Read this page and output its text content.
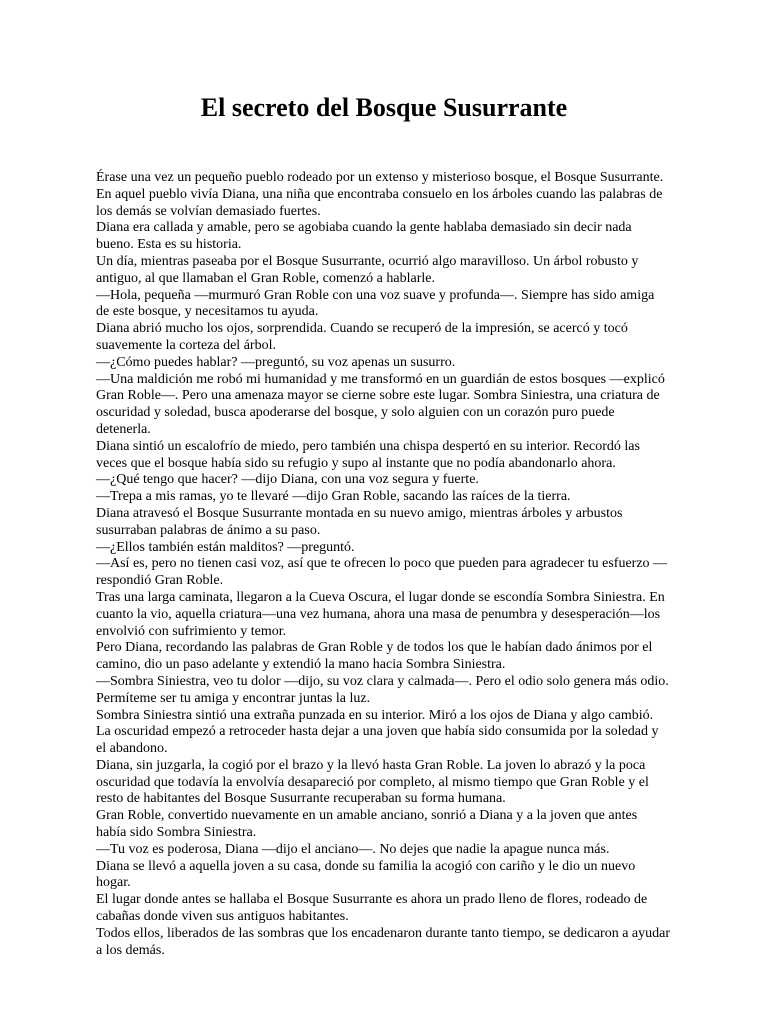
El secreto del Bosque Susurrante

Érase una vez un pequeño pueblo rodeado por un extenso y misterioso bosque, el Bosque Susurrante. En aquel pueblo vivía Diana, una niña que encontraba consuelo en los árboles cuando las palabras de los demás se volvían demasiado fuertes.

Diana era callada y amable, pero se agobiaba cuando la gente hablaba demasiado sin decir nada bueno. Esta es su historia.

Un día, mientras paseaba por el Bosque Susurrante, ocurrió algo maravilloso. Un árbol robusto y antiguo, al que llamaban el Gran Roble, comenzó a hablarle.

—Hola, pequeña —murmuró Gran Roble con una voz suave y profunda—. Siempre has sido amiga de este bosque, y necesitamos tu ayuda.

Diana abrió mucho los ojos, sorprendida. Cuando se recuperó de la impresión, se acercó y tocó suavemente la corteza del árbol.

—¿Cómo puedes hablar? —preguntó, su voz apenas un susurro.

—Una maldición me robó mi humanidad y me transformó en un guardián de estos bosques —explicó Gran Roble—. Pero una amenaza mayor se cierne sobre este lugar. Sombra Siniestra, una criatura de oscuridad y soledad, busca apoderarse del bosque, y solo alguien con un corazón puro puede detenerla.

Diana sintió un escalofrío de miedo, pero también una chispa despertó en su interior. Recordó las veces que el bosque había sido su refugio y supo al instante que no podía abandonarlo ahora.

—¿Qué tengo que hacer? —dijo Diana, con una voz segura y fuerte.

—Trepa a mis ramas, yo te llevaré —dijo Gran Roble, sacando las raíces de la tierra.

Diana atravesó el Bosque Susurrante montada en su nuevo amigo, mientras árboles y arbustos susurraban palabras de ánimo a su paso.

—¿Ellos también están malditos? —preguntó.

—Así es, pero no tienen casi voz, así que te ofrecen lo poco que pueden para agradecer tu esfuerzo —respondió Gran Roble.

Tras una larga caminata, llegaron a la Cueva Oscura, el lugar donde se escondía Sombra Siniestra. En cuanto la vio, aquella criatura—una vez humana, ahora una masa de penumbra y desesperación—los envolvió con sufrimiento y temor.

Pero Diana, recordando las palabras de Gran Roble y de todos los que le habían dado ánimos por el camino, dio un paso adelante y extendió la mano hacia Sombra Siniestra.

—Sombra Siniestra, veo tu dolor —dijo, su voz clara y calmada—. Pero el odio solo genera más odio. Permíteme ser tu amiga y encontrar juntas la luz.

Sombra Siniestra sintió una extraña punzada en su interior. Miró a los ojos de Diana y algo cambió. La oscuridad empezó a retroceder hasta dejar a una joven que había sido consumida por la soledad y el abandono.

Diana, sin juzgarla, la cogió por el brazo y la llevó hasta Gran Roble. La joven lo abrazó y la poca oscuridad que todavía la envolvía desapareció por completo, al mismo tiempo que Gran Roble y el resto de habitantes del Bosque Susurrante recuperaban su forma humana.

Gran Roble, convertido nuevamente en un amable anciano, sonrió a Diana y a la joven que antes había sido Sombra Siniestra.

—Tu voz es poderosa, Diana —dijo el anciano—. No dejes que nadie la apague nunca más.

Diana se llevó a aquella joven a su casa, donde su familia la acogió con cariño y le dio un nuevo hogar.

El lugar donde antes se hallaba el Bosque Susurrante es ahora un prado lleno de flores, rodeado de cabañas donde viven sus antiguos habitantes.

Todos ellos, liberados de las sombras que los encadenaron durante tanto tiempo, se dedicaron a ayudar a los demás.
